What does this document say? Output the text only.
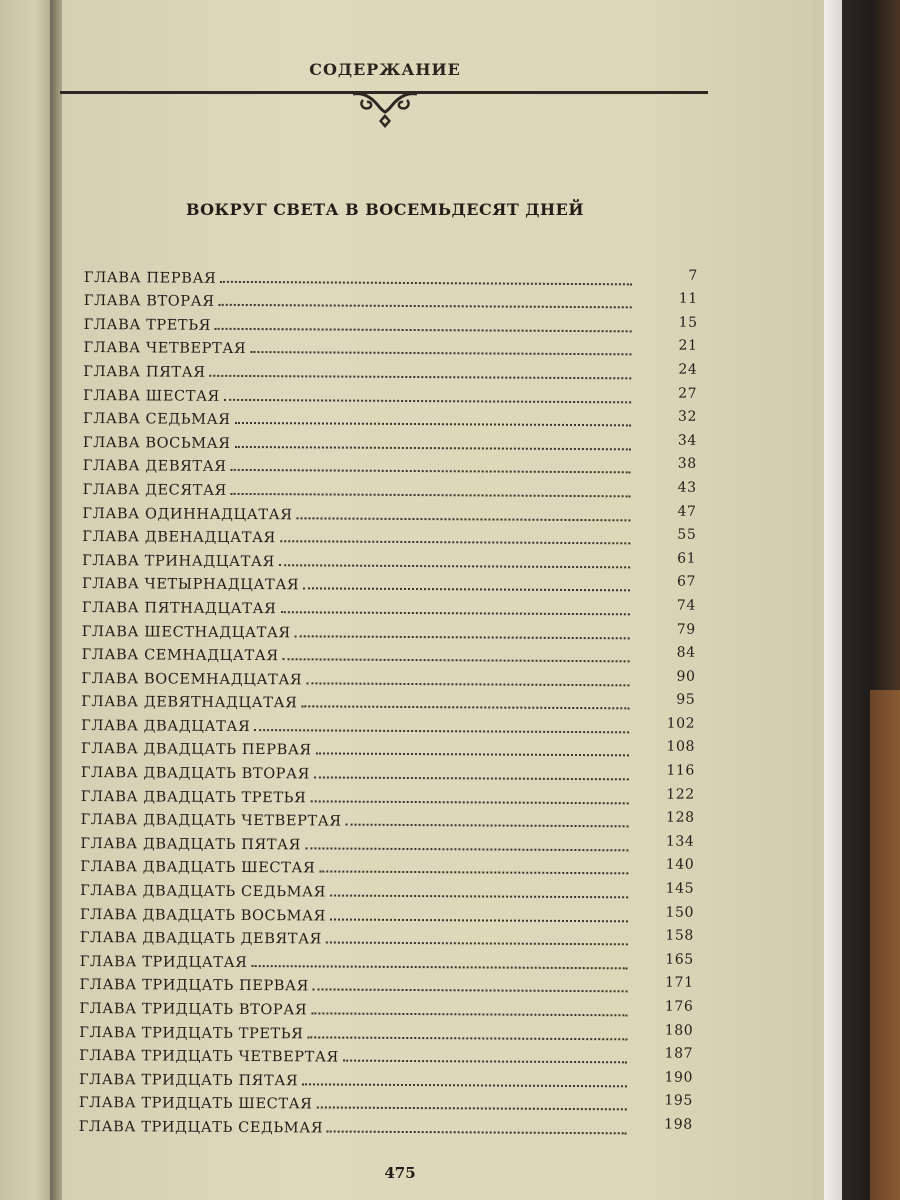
СОДЕРЖАНИЕ
ВОКРУГ СВЕТА В ВОСЕМЬДЕСЯТ ДНЕЙ
ГЛАВА ПЕРВАЯ	7
ГЛАВА ВТОРАЯ	11
ГЛАВА ТРЕТЬЯ	15
ГЛАВА ЧЕТВЕРТАЯ	21
ГЛАВА ПЯТАЯ	24
ГЛАВА ШЕСТАЯ	27
ГЛАВА СЕДЬМАЯ	32
ГЛАВА ВОСЬМАЯ	34
ГЛАВА ДЕВЯТАЯ	38
ГЛАВА ДЕСЯТАЯ	43
ГЛАВА ОДИННАДЦАТАЯ	47
ГЛАВА ДВЕНАДЦАТАЯ	55
ГЛАВА ТРИНАДЦАТАЯ	61
ГЛАВА ЧЕТЫРНАДЦАТАЯ	67
ГЛАВА ПЯТНАДЦАТАЯ	74
ГЛАВА ШЕСТНАДЦАТАЯ	79
ГЛАВА СЕМНАДЦАТАЯ	84
ГЛАВА ВОСЕМНАДЦАТАЯ	90
ГЛАВА ДЕВЯТНАДЦАТАЯ	95
ГЛАВА ДВАДЦАТАЯ	102
ГЛАВА ДВАДЦАТЬ ПЕРВАЯ	108
ГЛАВА ДВАДЦАТЬ ВТОРАЯ	116
ГЛАВА ДВАДЦАТЬ ТРЕТЬЯ	122
ГЛАВА ДВАДЦАТЬ ЧЕТВЕРТАЯ	128
ГЛАВА ДВАДЦАТЬ ПЯТАЯ	134
ГЛАВА ДВАДЦАТЬ ШЕСТАЯ	140
ГЛАВА ДВАДЦАТЬ СЕДЬМАЯ	145
ГЛАВА ДВАДЦАТЬ ВОСЬМАЯ	150
ГЛАВА ДВАДЦАТЬ ДЕВЯТАЯ	158
ГЛАВА ТРИДЦАТАЯ	165
ГЛАВА ТРИДЦАТЬ ПЕРВАЯ	171
ГЛАВА ТРИДЦАТЬ ВТОРАЯ	176
ГЛАВА ТРИДЦАТЬ ТРЕТЬЯ	180
ГЛАВА ТРИДЦАТЬ ЧЕТВЕРТАЯ	187
ГЛАВА ТРИДЦАТЬ ПЯТАЯ	190
ГЛАВА ТРИДЦАТЬ ШЕСТАЯ	195
ГЛАВА ТРИДЦАТЬ СЕДЬМАЯ	198
475
